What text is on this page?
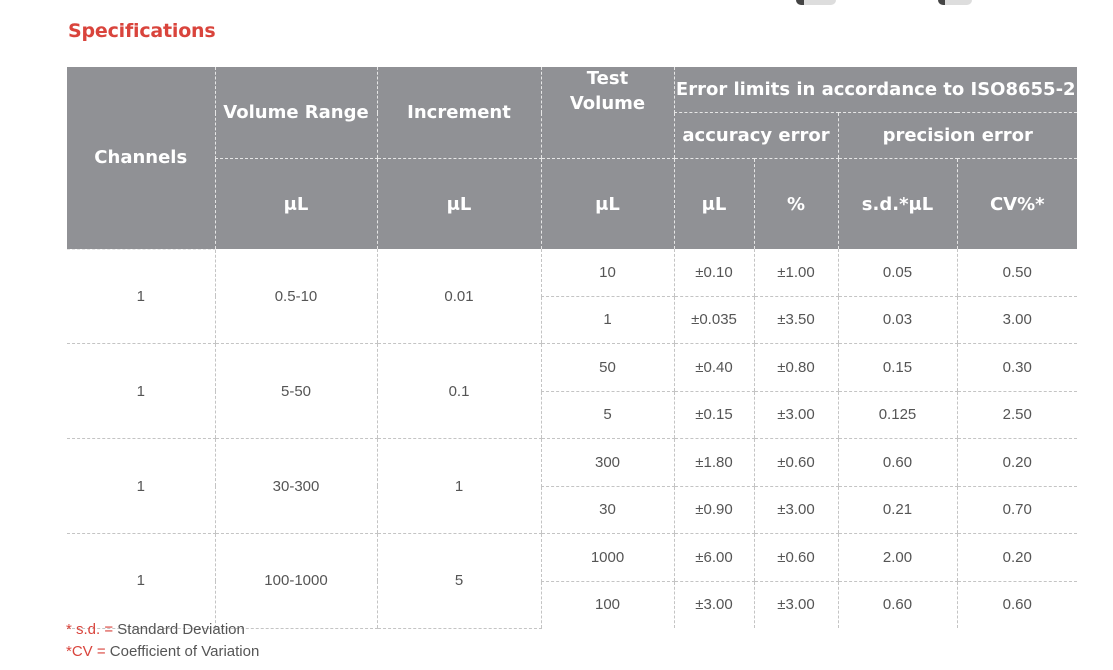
Specifications
Channels	Volume Range	Increment	Test Volume	Error limits in accordance to ISO8655-2			
				accuracy error		precision error	
	μL	μL	μL	μL	%	s.d.*μL	CV%*
1	0.5-10	0.01	10	±0.10	±1.00	0.05	0.50
			1	±0.035	±3.50	0.03	3.00
1	5-50	0.1	50	±0.40	±0.80	0.15	0.30
			5	±0.15	±3.00	0.125	2.50
1	30-300	1	300	±1.80	±0.60	0.60	0.20
			30	±0.90	±3.00	0.21	0.70
1	100-1000	5	1000	±6.00	±0.60	2.00	0.20
			100	±3.00	±3.00	0.60	0.60
* s.d. = Standard Deviation
*CV = Coefficient of Variation
